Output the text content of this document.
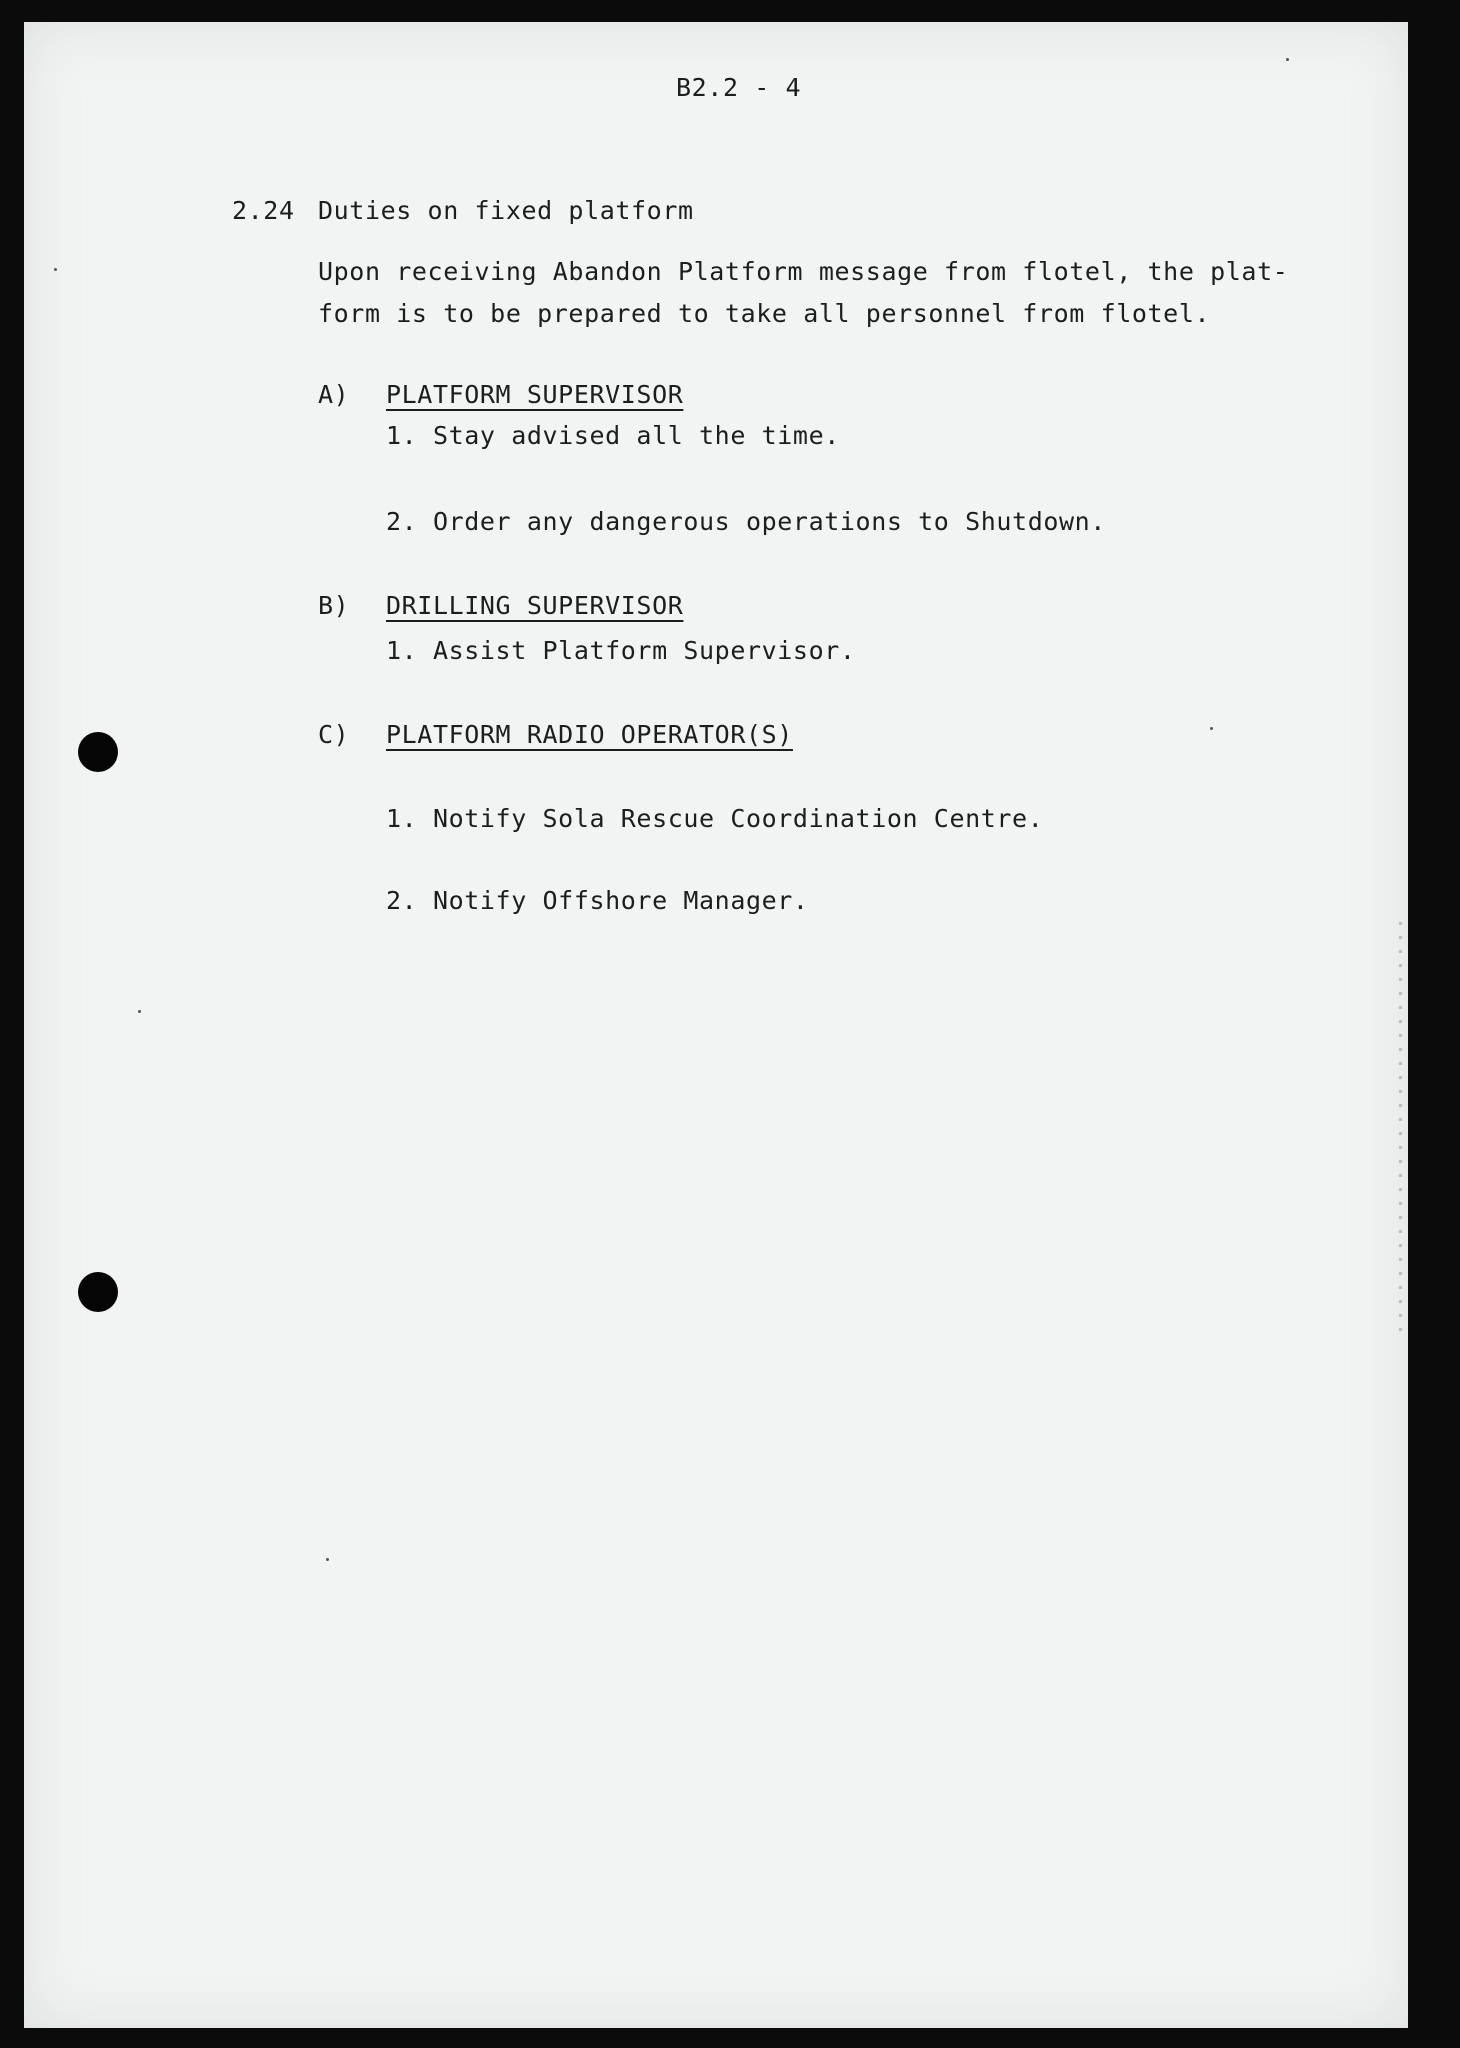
B2.2 - 4
2.24 Duties on fixed platform
Upon receiving Abandon Platform message from flotel, the plat-
form is to be prepared to take all personnel from flotel.
A) PLATFORM SUPERVISOR
1. Stay advised all the time.
2. Order any dangerous operations to Shutdown.
B) DRILLING SUPERVISOR
1. Assist Platform Supervisor.
C) PLATFORM RADIO OPERATOR(S)
1. Notify Sola Rescue Coordination Centre.
2. Notify Offshore Manager.
